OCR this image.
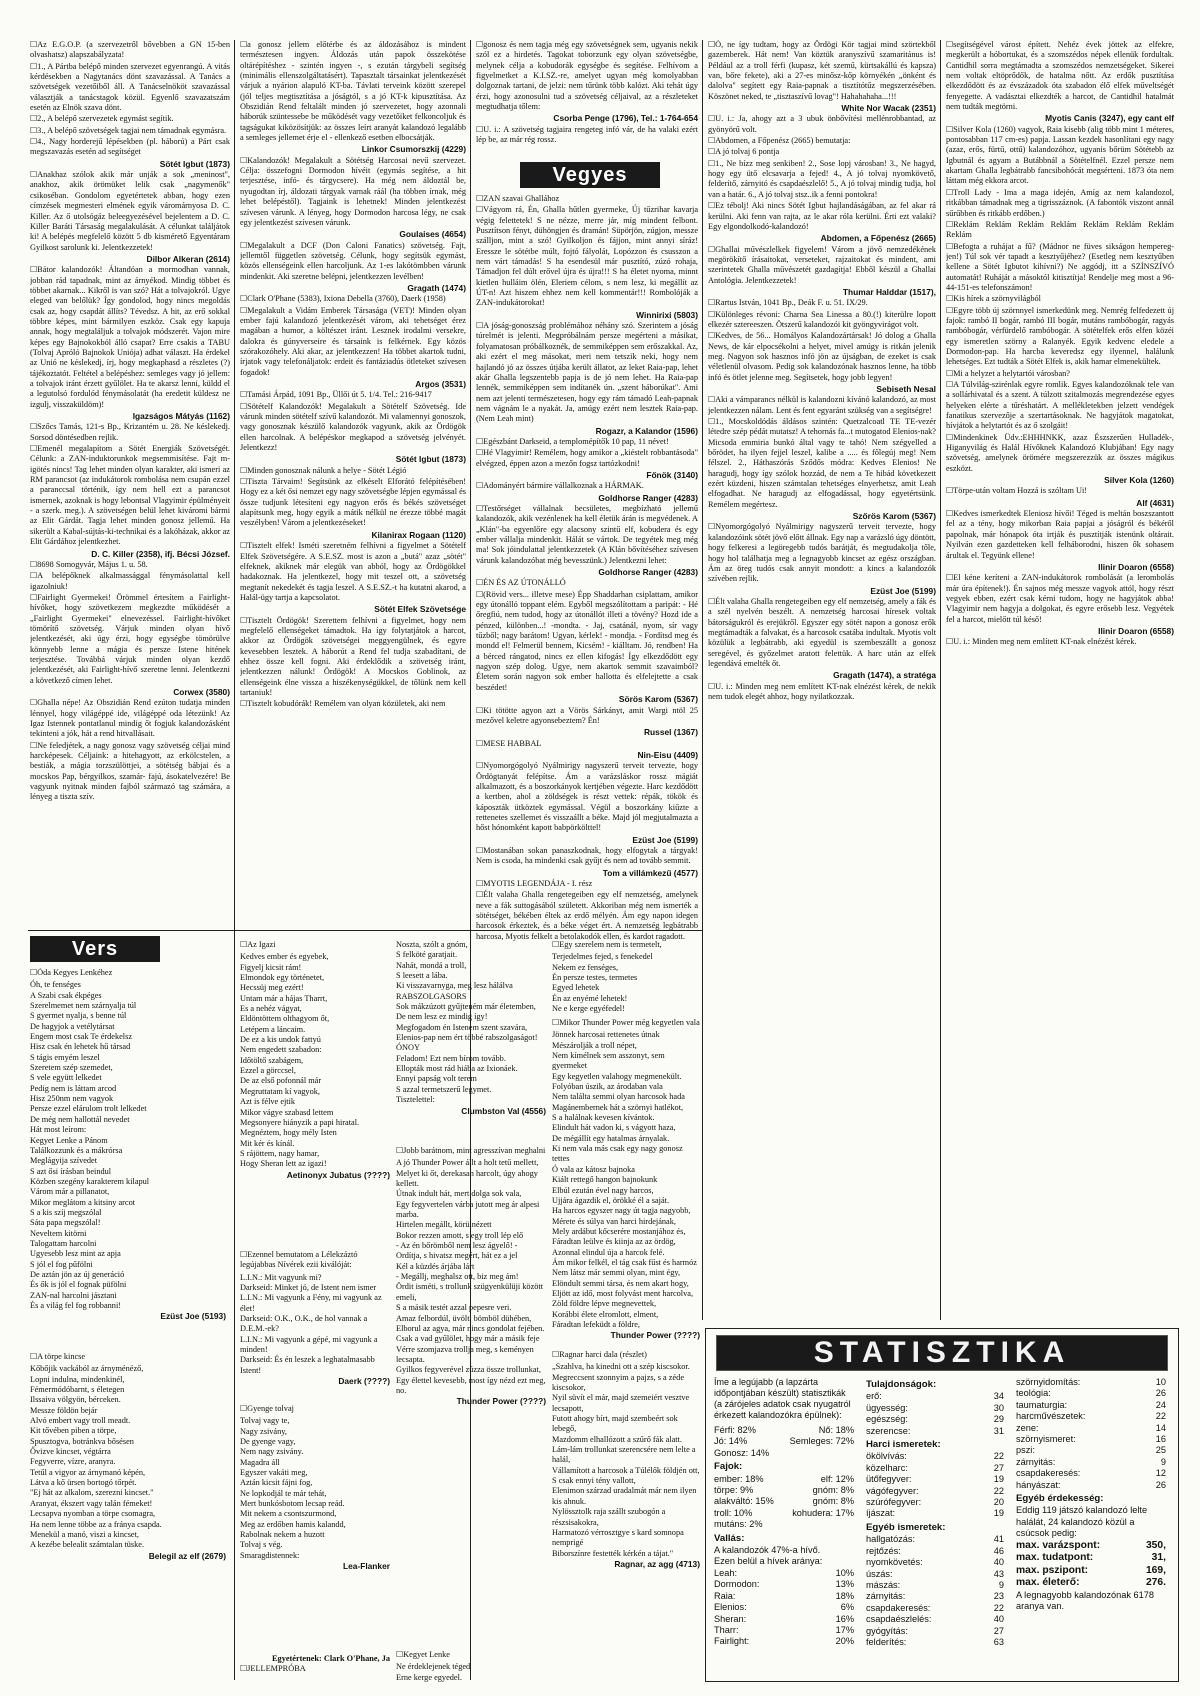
☐ Az E.G.O.P. (a szervezetről bővebben a GN 15-ben olvashatsz) alapszabályzata!

☐ 1., A Pártba belépő minden szervezet egyenrangú. A vitás kérdésekben a Nagytanács dönt szavazással. A Tanács a szövetségek vezetőiből áll. A Tanácselnököt szavazással választják a tanácstagok közül. Egyenlő szavazatszám esetén az Elnök szava dönt.

☐ 2., A belépő szervezetek egymást segítik.

☐ 3., A belépő szövetségek tagjai nem támadnak egymásra.

☐ 4., Nagy horderejű lépésekben (pl. háború) a Párt csak megszavazás esetén ad segítséget

Sötét Igbut (1873)

☐ Anakhaz szólok akik már unják a sok „meninost", anakhoz, akik örömüket lelik csak „nagymenők" csikoséban. Gondolom egyetértetek abban, hogy ezen címzések megmesteri elmének egyik váromárnyosa D. C. Killer. Az ő utolsógáz beleegyezésével bejelentem a D. C. Killer Baráti Társaság megalakulását. A célunkat találjátok ki! A belépés megfelelő között 5 db kismérető Egyentáram Gyilkost sarolunk ki. Jelentkezzetek!

Dilbor Alkeran (2614)

☐ Bátor kalandozók! Áltandóan a mormodhan vannak, jobban rád tapadnak, mint az árnyékod. Mindig többet és többet akarnak... Kikről is van szó? Hát a tolvajokról. Ugye eleged van belőlük? Így gondolod, hogy nincs megoldás csak az, hogy csapdát állíts? Tévedsz. A hit, az erő sokkal többre képes, mint bármilyen eszköz. Csak egy kapuja annak, hogy megtaláljuk a tolvajok módszerét. Vajon mire képes egy Bajnokokból álló csapat? Erre csakis a TABU (Tolvaj Apróló Bajnokok Uniója) adhat választ. Ha érdekel az Unió ne késlekedj, írj, hogy megkaphasd a részletes (?) tájékoztatót. Feltétel a belépéshez: semleges vagy jó jellem: a tolvajok iránt érzett gyűlölet. Ha te akarsz lenni, küldd el a legutolsó fordulód fénymásolatát (ha eredetit küldesz ne izgulj, visszaküldöm)!

Igazságos Mátyás (1162)

☐ Szőcs Tamás, 121-s Bp., Krizantém u. 28. Ne késlekedj. Sorsod döntésedben rejlik.

☐ Emenél megalapítom a Sötét Energiák Szövetségét. Célunk: a ZAN-induktorunkok megsemmisítése. Fajt m-igötés nincs! Tag lehet minden olyan karakter, aki ismeri az RM parancsot (az indukátorok rombolása nem csupán ezzel a paranccsal történik, így nem hell ezt a parancsot ismernek, azoknak is hogy lebontsal Vlagyimir épülményeit - a szerk. meg.). A szövetségen belül lehet kiváromi bármi az Elit Gárdát. Tagja lehet minden gonosz jellemű. Ha sikerült a Kabal-sújtás-ki-technikai és a lakóházak, akkor az Elit Gárdához jelentkezhet.

D. C. Killer (2358), ifj. Bécsi József.

☐ 8698 Somogyvár, Május 1. u. 58.

☐ A belépőknek alkalmassággal fénymásolattal kell igazolniuk!

☐ Fairlight Gyermekei! Örömmel értesítem a Fairlight-hívőket, hogy szövetkezem megkezdte működését a „Fairlight Gyermekei" elnevezéssel. Fairlight-hívőket tömörítő szövetség. Várjuk minden olyan hívő jelentkezését, aki úgy érzi, hogy egységbe tömörülve könnyebb lenne a mágia és persze Istene hitének terjesztése. Továbbá várjuk minden olyan kezdő jelentkezését, aki Fairlight-hívő szeretne lenni. Jelentkezni a következő címen lehet.

Corwex (3580)

☐ Ghalla népe! Az Obszidián Rend ezúton tudatja minden lénnyel, hogy világéppé ide, világéppé oda létezünk! Az Igaz Istennek pontatlanul mindig őt fogjuk kalandozásként tekinteni a jók, hát a rend hitvallásait.

☐ Ne feledjétek, a nagy gonosz vagy szövetség céljai mind harcképesek. Céljaink: a hitehagyott, az erkölcstelen, a bestiák, a mágia torzszülöttjei, a sötétség bábjai és a mocskos Pap, bérgyilkos, szamár- fajú, ásokatelvezére! Be vagyunk nyitnak minden fajból származó tag számára, a lényeg a tiszta szív.

☐ a gonosz jellem előtérbe és az áldozásához is mindent természtesen ingyen. Áldozás után papok összekötése oltárépítéshez - szintén ingyen -, s ezután tárgybeli segítség (minimális ellenszolgáltatásért). Tapasztalt társainkat jelentkezését várjuk a nyárion alapuló KT-ba. Távlati terveink között szerepel (jól teljes megtisztítása a jóságtól, s a jó KT-k kipusztítása. Az Obszidián Rend feltalált minden jó szervezetet, hogy azonnali háborúk szüntessebe be működését vagy vezetőiket felkoncoljuk és tagságukat kiközösítjük: az összes leírt aranyát kalandozó legalább a semleges jellemet érje el - ellenkező esetben elbocsátják.

Linkor Csumorszkij (4229)

☐ Kalandozók! Megalakult a Sötétség Harcosai nevű szervezet. Célja: összefogni Dormodon hívéit (egymás segítése, a hit terjesztése, infó- és tárgycsere). Ha még nem áldoztál be, nyugodtan írj, áldozati tárgyak varnak ráál (ha többen írnak, még lehet belépéstől). Tagjaink is lehetnek! Minden jelentkezést szívesen várunk. A lényeg, hogy Dormodon harcosa légy, ne csak egy jelentkezést szívesen várunk.

Goulaises (4654)

☐ Megalakult a DCF (Don Caloni Fanatics) szövetség. Fajt, jellemtől független szövetség. Célunk, hogy segítsük egymást, közös ellenségeink ellen harcoljunk. Az 1-es lakótömbben várunk mindenkit. Aki szeretne belépni, jelentkezzen levélben!

Gragath (1474)

☐ Clark O'Phane (5383), Ixiona Debella (3760), Daerk (1958)

☐ Megalakult a Vidám Emberek Társasága (VET)! Minden olyan ember fajú kalandozó jelentkezését várom, aki tehetséget érez magában a humor, a költészet iránt. Lesznek irodalmi versekre, dalokra és gúnyverseire és társaink is felkérnek. Egy közös szórakozóhely. Aki akar, az jelentkezzen! Ha többet akartok tudni, írjatok vagy telefonáljatok: erdeit és fantáziadús ötleteket szívesen fogadok!

Argos (3531)

☐ Tamási Árpád, 1091 Bp., Üllői út 5. 1/4. Tel.: 216-9417

☐ Sötételf Kalandozók! Megalakult a Sötételf Szövetség. Ide várunk minden sötételf szívű kalandozót. Mi valamennyi gonoszok, vagy gonosznak készülő kalandozók vagyunk, akik az Ördögök ellen harcolnak. A belépéskor megkapod a szövetség jelvényét. Jelentkezz!

Sötét Igbut (1873)

☐ Minden gonosznak nálunk a helye - Sötét Légió

☐ Tiszta Tárvaim! Segítsünk az elkéselt Elforátó felépítésében! Hogy ez a két ősi nemzet egy nagy szövetségbe lépjen egymással és össze tudjunk létesíteni egy nagyon erős és békés szövetséget alapítsunk meg, hogy egyik a mátik nélkül ne érezze többé magát veszélyben! Várom a jelentkezéseket!

Kilanirax Rogaan (1120)

☐ Tisztelt elfek! Isméti szeretném felhívni a figyelmet a Sötételf Elfek Szövetségére. A S.E.SZ. most is azon a „butá" azaz „sötét" elfeknek, akiknek már elegük van abból, hogy az Ördögökkel hadakoznak. Ha jelentkezel, hogy mit teszel ott, a szövetség megtanít nekedekét és tagja leszel. A S.E.SZ.-t ha kutatni akarod, a Halál-ügy tartja a kapcsolatot.

Sötét Elfek Szövetsége

☐ Tisztelt Ördögök! Szerettem felhívni a figyelmet, hogy nem megfelelő ellenségeket támadtok. Ha így folytatjátok a harcot, akkor az Ördögök szövetségei meggyengülnek, és egyre kevesebben lesztek. A háborút a Rend fel tudja szabadítani, de ehhez össze kell fogni. Aki érdeklődik a szövetség iránt, jelentkezzen nálunk! Ördögök! A Mocskos Goblinok, az ellenségeink élne vissza a hiszékenységükkel, de tőlünk nem kell tartaniuk!

☐ Tisztelt kobudórák! Remélem van olyan közületek, aki nem

☐ gonosz és nem tagja még egy szövetségnek sem, ugyanis nekik szól ez a hirdetés. Tagokat toborzunk egy olyan szövetségbe, melynek célja a kobudorák egységbe és segítése. Felhívom a figyelmetket a K.I.SZ.-re, amelyet ugyan még komolyabban dolgoznak tartani, de jelzi: nem tűrünk több kalózt. Aki tehát úgy érzi, hogy azonosulni tud a szövetség céljaival, az a részleteket megtudhatja tőlem:

Csorba Penge (1796), Tel.: 1-764-654

☐ U. i.: A szövetség tagjaira rengeteg infó vár, de ha valaki ezért lép be, az már rég rossz.

Vegyes

☐ ZAN szavai Ghallához

☐ Vágyom rá, Én, Ghalla hűtlen gyermeke, Új tűzrihar kavarja végig felettetek! S ne nézze, merre jár, míg mindent felbont. Pusztítson fényt, dühöngjen és dramán! Süpörjön, zúgjon, messze szálljon, mint a szó! Gyilkoljon és fájjon, mint annyi síráz! Eressze le sötétbe múlt, fojtó fályolát, Lopózzon és csusszon a nem várt támadás! S ha esendesül már pusztító, zúzó rohaja, Támadjon fel dúlt erővel újra és újra!!! S ha életet nyoma, minnt kietlen hulláim ölén, Eleriem célom, s nem lesz, ki megállít az ÚT-n! Azt hiszem ehhez nem kell kommentár!!! Rombolóják a ZAN-indukátorokat!

Winnirixi (5803)

☐ A jóság-gonoszság problémához néhány szó. Szerintem a jóság túrelmét is jelenti. Megpróbálnám persze megérteni a másikat, folyamatosan próbálkoznék, de semmiképpen sem erőszakkal. Az, aki ezért el meg másokat, meri nem tetszik neki, hogy nem hajlandó jó az összes útjába került állatot, az leket Raia-pap, lehet akár Ghalla legszentebb papja is de jó nem lehet. Ha Raia-pap lennék, semmiképpen sem indítanék ún. „szent háborúkat". Ami nem azt jelenti természetesen, hogy egy rám támadó Leah-papnak nem vágnám le a nyakát. Ja, amúgy ezért nem lesztek Raia-pap. (Nem Leah mint)

Rogazr, a Kalandor (1596)

☐ Egészbánt Darkseid, a templomépítők 10 pap, 11 névet!

☐ Hé Vlagyimir! Remélem, hogy amikor a „kiéstelt robbantásoda" elvégzed, éppen azon a mezőn fogsz tartózkodni!

Főnök (3140)

☐ Adományért bármire vállalkoznak a HÁRMAK.

Goldhorse Ranger (4283)

☐ Testőrséget vállalnak becsületes, megbízható jellemű kalandozók, akik vezénlenek ha kell életük árán is megvédenek. A „Klán"-ba egyenlőre egy alacsony szintű elf, kobudera és egy ember vállalja mindenkit. Hálát se vártok. De tegyétek meg még ma! Sok jóindulattal jelentkezzetek (A Klán bővítéséhez szívesen várunk kalandozóbat még bevesszünk.) Jelentkezni lehet:

Goldhorse Ranger (4283)

☐ ÉN ÉS AZ ÚTONÁLLÓ

☐ (Rövid vers... illetve mese) Épp Shaddarhan csiplattam, amikor egy útonálló toppant elém. Egyből megszólítottam a paripát: - Hé őregfiú, nem tudod, hogy az útonállót illeti a tövény? Hozd ide a pénzed, különben...! -mondta. - Jaj, csatánál, nyom, sír vagy tűzből; nagy barátom! Ugyan, kérlek! - mondja. - Fordítsd meg és mondd el! Felmerül bennem, Kicsém! - kiálltam. Jó, rendben! Ha a bérced rángatod, nincs ez ellen kifogás! Így elkezdődött egy nagyon szép dolog. Ugye, nem akartok semmit szavaimból? Életem során nagyon sok ember hallotta és elfelejtette a csak beszédet!

Sörös Karom (5367)

☐ Ki tötötte agyon azt a Vörös Sárkányt, amit Wargi ntöl 25 mezővel keletre agyonsebeztem? Én!

Russel (1367)

☐ MESE HABBAL

Nin-Eisu (4409)

☐ Nyomorgógolyó Nyálmirigy nagyszerű terveit tervezte, hogy Ördögtanyát felépítse. Ám a varázsláskor rossz mágiát alkalmazott, és a boszorkányok kertjében végezte. Harc kezdődött a kertben, ahol a zöldségek is részt vettek: répák, tökök és káposzták ütköztek egymással. Végül a boszorkány kiűzte a rettenetes szellemet és visszaállt a béke. Majd jól megjutalmazta a hőst hónomként kapott babpörkölttel!

Ezüst Joe (5199)

☐ Mostanában sokan panaszkodnak, hogy elfogytak a tárgyak! Nem is csoda, ha mindenki csak gyűjt és nem ad tovább semmit.

Tom a villámkezű (4577)

☐ MYOTIS LEGENDÁJA - I. rész

☐ Élt valaha Ghalla rengetegeiben egy elf nemzetség, amelynek neve a fák suttogásából született. Akkoriban még nem ismerték a sötétséget, békében éltek az erdő mélyén. Ám egy napon idegen harcosok érkeztek, és a béke véget ért. A nemzetség legbátrabb harcosa, Myotis felkelt a betolakodók ellen, és kardot ragadott.

☐ Ó, ne így tudtam, hogy az Ördögi Kör tagjai mind szörtekből gazemberek. Hát nem! Van köztük aranyszívű szamaritánus is! Például az a troll férfi (kupasz, két szemű, kürtsakállú és kapsza) van, bőre fekete), aki a 27-es minősz-kőp környékén „önként és dalolva" segített egy Raia-papnak a tisztítótűz megszerzésében. Köszönet neked, te „tisztaszívű lovag"! Hahahahaha...!!!

White Nor Wacak (2351)

☐ U. i.: Ja, ahogy azt a 3 ubuk önbővítési mellénrobbantad, az gyönyörű volt.

☐ Abdomen, a Főpenész (2665) bemutatja:

☐ A jó tolvaj 6 pontja

☐ 1., Ne bízz meg senkiben! 2., Sose lopj városban! 3., Ne hagyd, hogy egy ütő elcsavarja a fejed! 4., A jó tolvaj nyomkövető, felderítő, zárnyitó és csapdaészlelő! 5., A jó tolvaj mindig tudja, hol van a határ. 6., A jó tolvaj stsz..ik a fenni pontokra!

☐ Ez tébolj! Aki nincs Sötét Igbut hajlandáságában, az fel akar rá kerülni. Aki fenn van rajta, az le akar róla kerülni. Érti ezt valaki? Egy elgondolkodó-kalandozó!

Abdomen, a Főpenész (2665)

☐ Ghallai művészlelkek figyelem! Várom a jövő nemzedékének megörökítő írásaitokat, verseteket, rajzaitokat és mindent, ami szerintetek Ghalla művészetét gazdagítja! Ebből készül a Ghallai Antológia. Jelentkezzetek!

Thumar Halddar (1517),

☐ Rartus István, 1041 Bp., Deák F. u. 51. IX/29.

☐ Különleges révoni: Charna Sea Linessa a 80.(!) kiterülre lopott elkezér sztereeszen. Ötszerű kalandozói kit gyöngyvirágot volt.

☐ Kedves, de 56... Homályos Kalandozártársak! Jó dolog a Ghalla News, de kár elpocsékolni a helyet, mivel amúgy is ritkán jelenik meg. Nagyon sok hasznos infó jön az újságban, de ezeket is csak véletlenül olvasom. Pedig sok kalandozónak hasznos lenne, ha több infó és ötlet jelenne meg. Segítsetek, hogy jobb legyen!

Sebiseth Nesal

☐ Aki a vámparancs nélkül is kalandozni kívánó kalandozó, az most jelentkezzen nálam. Lent és fent egyaránt szükség van a segítségre!

☐ 1., Mocskoldódás áldásos szintén: Quetzalcoatl TE TE-vezér létedre szép pédát mutatsz! A tehornás fa...t mutogatod Elenios-nak? Micsoda emmiria bunkó által vagy te tahó! Nem szégyelled a bőrödet, ha ilyen fejjel leszel, kalibe a ..... és főlegúj meg! Nem félszel. 2., Háthaszórás Sződős módra: Kedves Elenios! Ne haragudj, hogy így szólok hozzád, de nem a Te hibád következett ezért küzdeni, hiszen számtalan tehetséges elnyerhetsz, amit Leah elfogadhat. Ne haragudj az elfogadással, hogy egyetértsünk. Remélem megértesz.

Szőrös Karom (5367)

☐ Nyomorgógolyó Nyálmirigy nagyszerű terveit tervezte, hogy kalandozóink sötét jövő előtt állnak. Egy nap a varázsló úgy döntött, hogy felkeresi a legöregebb tudós barátját, és megtudakolja tőle, hogy hol találhatja meg a legnagyobb kincset az egész országban. Ám az öreg tudós csak annyit mondott: a kincs a kalandozók szívében rejlik.

Ezüst Joe (5199)

☐ Élt valaha Ghalla rengetegeiben egy elf nemzetség, amely a fák és a szél nyelvén beszélt. A nemzetség harcosai híresek voltak bátorságukról és erejükről. Egyszer egy sötét napon a gonosz erők megtámadták a falvakat, és a harcosok csatába indultak. Myotis volt közülük a legbátrabb, aki egyedül is szembeszállt a gonosz seregével, és győzelmet aratott felettük. A harc után az elfek legendává emelték őt.

Gragath (1474), a stratéga

☐ U. i.: Minden meg nem említett KT-nak elnézést kérek, de nekik nem tudok elegét ahhoz, hogy nyilatkozzak.

☐ segítségével várost épített. Nehéz évek jöttek az elfekre, megkerült a hóbortukat, és a szomszédos népek ellenük fordultak. Cantidhil sorra megtámadta a szomszédos nemzetségeket. Sikerei nem voltak eltöprődők, de hatalma nőtt. Az erdők pusztítása elkezdődött és az évszázadok óta szabadon élő elfek műveltségét fenyegette. A vadásztai elkezdték a harcot, de Cantidhil hatalmát nem tudták megtörni.

Myotis Canis (3247), egy cant elf

☐ Silver Kola (1260) vagyok, Raia kisebb (alig több mint 1 méteres, pontosabban 117 cm-es) papja. Lassan kezdek hasonlítani egy nagy (azaz, erős, fürtű, ottű) kalandozóhoz, ugyanis bőrüm Sötétebb az Igbutnál és agyam a Butábbnál a Sötételfnél. Ezzel persze nem akartam Ghalla legbátrabb fancsibohócát megsérteni. 1873 óta nem láttam még ekkora arcot.

☐ Troll Lady - Ima a maga idején, Amíg az nem kalandozol, ritkábban támadnak meg a tigrisszáznok. (A fabontók viszont annál sűrűbben és ritkább erdőben.)

☐ Reklám Reklám Reklám Reklám Reklám Reklám Reklám Reklám

☐ Befogta a ruhájat a fű? (Mádnor ne füves sikságon hempereg- jen!) Túl sok vér tapadt a kesztyűjéhez? (Esetleg nem kesztyűben kellene a Sötét Igbutot kihívni?) Ne aggódj, itt a SZÍNSZÍVÓ automatát! Ruháját a másoktól kitisztítja! Rendelje meg most a 96-44-151-es telefonszámon!

☐ Kis hírek a szörnyvilágból

☐ Egyre több új szörnnyel ismerkedünk meg. Nemrég felfedezett új fajok: rambó II bogár, rambó III bogár, mutáns rambóbogár, ragyás rambóbogár, vérfürdelő rambóbogár. A sötételfek erős elfen közéi egy ismeretlen szörny a Ralanyék. Egyik kedvenc eledele a Dormodon-pap. Ha harcba keveredsz egy ilyennel, halálunk lehetséges. Ezt tudták a Sötét Elfek is, akik hamar elmenekültek.

☐ Mi a helyzet a helytartói városban?

☐ A Túlvilág-szirénlak egyre romlik. Egyes kalandozóknak tele van a sollárhivatal és a szent. A túlzott szitalmozás megrendezése egyes helyeken elérte a tűréshatárt. A mellékletekben jelzett vendégek fanatikus szervezője a szertartásoknak. Ne hagyjátok magatokat, hívjátok a helytartót és az ő szolgáit!

☐ Mindenkinek Üdv.:EHHHNKK, azaz Észszerűen Hulladék-, Higanyvilág és Halál Hívőknek Kalandozó Klubjában! Egy nagy szövetség, amelynek örömére megszerezzük az összes mágikus eszközt.

Silver Kola (1260)

☐ Törpe-után voltam Hozzá is szóltam Ui!

Alf (4631)

☐ Kedves ismerkedtek Eleniosz hívői! Téged is meltán boszszantott fel az a tény, hogy mikorban Raia papjai a jóságról és békéről papolnak, már hónapok óta irtják és pusztítják istenünk oltárait. Nyilván ezen gazdetteken kell felháborodni, hiszen ők sohasem árultak el. Tegyünk ellene!

Ilinir Doaron (6558)

☐ El kéne keríteni a ZAN-indukátorok rombolását (a lerombolás már úra építenek!). Én sajnos még messze vagyok attól, hogy részt vegyek ebben, ezért csak kérni tudom, hogy ne hagyjátok abba! Vlagyimir nem hagyja a dolgokat, és egyre erősebb lesz. Vegyétek fel a harcot, mielőtt túl késő!

Ilinir Doaron (6558)

☐ U. i.: Minden meg nem említett KT-nak elnézést kérek.

Vers

☐ Óda Kegyes Lenkéhez

Óh, te fenséges

A Szabi csak ékpéges

Szerelmemet nem szárnyalja túl

S gyermet nyalja, s benne túl

De hagyjok a vetélytársat

Engem most csak Te érdekelsz

Hisz csak én lehetek hű társad

S tágis emyém leszel

Szeretem szép szemedet,

S vele együtt lelkedet

Pedig nem is láttam arcod

Hisz 250nm nem vagyok

Persze ezzel elárulom trolt lelkedet

De még nem hallottál nevedet

Hát most leírom:

Kegyet Lenke a Pánom

Találkozzunk és a mákrórsa

Meglágyija szívedet

S azt ősi írásban beindul

Közben szegény karakterem kilapul

Várom már a pillanatot,

Mikor meglátom a kitsiny arcot

S a kis szíj megszólal

Sáta papa megszólal!

Neveltem kitörni

Talogattam harcolni

Ugyesebb lesz mint az apja

S jól el fog pűfölni

De aztán jön az új generáció

És ők is jól el fognak püfölni

ZAN-nal harcolni jásztani

És a világ fel fog robbanni!

Ezüst Joe (5193)

☐ A törpe kincse

Kőbőjik vackából az árnyménéző,

Lopni indulna, mindenkinél,

Fémermódóbarnt, s életegen

Ilssaiva völgyön, bérceken.

Messze földön bejár

Alvó embert vagy troll meadt.

Kit tővében piben a törpe,

Spusztogva, botránkva bősésen

Ővizve kincset, végtárra

Fegyverre, vízre, aranyra.

Tetűl a vigyor az árnymanó képén,

Látva a kő ürsen bortogó tőrpét.

"Ej hát az alkalom, szerezni kincset."

Aranyat, ékszert vagy talán fémeket!

Lecsapva nyomban a törpe csomagra,

Ha nem lenne többe az a fránya csapda.

Menekül a manó, viszi a kincset,

A kezébe belealit számtalan tüske.

Belegil az elf (2679)

☐ Az Igazi

Kedves ember és egyebek,

Figyelj kicsit rám!

Elmondok egy történetet,

Hecssüj meg ezért!

Untam már a hájas Tharrt,

Es a nehéz vágyat,

Eldöntöttem olthagyom őt,

Letépem a láncaim.

De ez a kis undok fattyú

Nem engedett szabadon:

Időtöltő szabágem,

Ezzel a görccsel,

De az első pofonnál már

Megruttatam kí vagyok,

Azt is félve ejtik

Mikor vágye szabasd lettem

Megsonyere hiányzik a papi hiratal.

Megnéztem, hogy mély Isten

Mit kér és kínál.

S rájöttem, nagy hamar,

Hogy Sheran lett az igazi!

Aetinonyx Jubatus (????)

☐ Ezennel bemutatom a Lélekzáztó legújabbas Nívérek ezii kiválóját:

L.I.N.: Mit vagyunk mi?

Darkseid: Minket jó, de Istent nem ismer

L.I.N.: Mi vagyunk a Fény, mi vagyunk az élet!

Darkseid: O.K., O.K., de hol vannak a D.E.M.-ek?

L.I.N.: Mi vagyunk a gépé, mi vagyunk a minden!

Darkseid: És én leszek a leghatalmasabb Istent!

Daerk (????)

☐ Gyenge tolvaj

Tolvaj vagy te,

Nagy zsivány,

De gyenge vagy,

Nem nagy zsivány.

Magadra áll

Egyszer vakáti meg,

Aztán kicsit fájni fog,

Ne lopkodjál te már tehát,

Mert bunkósbotom lecsap reád.

Mit nekem a csontszurmond,

Meg az erdőben hamis kalandd,

Rabolnak nekem a huzott

Tolvaj s vég.

Smaragdistennek:

Lea-Flanker

Egyetértenek: Clark O'Phane, Ja

☐ JELLEMPRÓBA

Noszta, szólt a gnóm,

S felköté garatjait.

Nahát, mondá a troll,

S leesett a lába.

Ki visszavarnyga, meg lesz hálálva

RABSZOLGASORS

Sok mákzúzott gyűjteném már életemben,

De nem lesz ez mindig így!

Megfogadom én Istenem szent szavára,

Elenios-pap nem ért többé rabszolgaságot!

ÓNOY

Feladom! Ezt nem bírom tovább.

Ellopták most rád hiába az Ixionáek.

Ennyi papság volt terem

S azzal termetszerű legymet.

Tisztelettel:

Clumbston Val (4556)

☐ Jobb barátnom, mint agresszívan meghalni

A jó Thunder Power állt a holt tetű mellett,

Melyet ki őt, derekasan harcolt, úgy ahogy kellett.

Útnak indult hát, mert dolga sok vala,

Egy fegyvertelen várba jutott meg ár alpesi marba.

Hirtelen megállt, körülnézett

Bokor rezzen amott, s egy troll lép elő

- Az én bőrömből nem lesz ágyelő! -

Ordítja, s hivatsz megért, hát ez a jel

Kél a küzdés árjába lárt

- Megállj, meghalsz ott, biz meg ám!

Ördit isméti, s trollunk szügyenkülüji között emeli,

S a másik testét azzal pepesre veri.

Amaz felbordúl, üvölt, bömböl dühében,

Elborul az agya, már nincs gondolat fejében.

Csak a vad gyűlölet, hogy már a másik feje

Vérre szomjazva trollja meg, s keményen lecsapta.

Gyilkos fegyverével zúzza össze trollunkat,

Egy élettel kevesebb, most így nézd ezt meg, no.

Thunder Power (????)

☐ Egy szerelem nem is termetelt,

Terjedelmes fejed, s fenekedel

Nekem ez fenséges,

Én persze testes, termetes

Egyed lehetek

Én az enyémé lehetek!

Ne e kerge egyéfedel!

☐ Mikor Thunder Power még kegyetlen vala

Jönnek harcosai rettenetes útnak

Mészárolják a troll népet,

Nem kímélnek sem asszonyt, sem gyermeket

Egy kegyetlen valahogy megmenekült.

Folyóban úszik, az árodaban vala

Nem találta semmi olyan harcosok hada

Magánembernek hát a szörnyi hatlékot,

S a halálnak kevesen kívántok.

Elindult hát vadon ki, s vágyott haza,

De mégállít egy hatalmas árnyalak.

Ki nem vala más csak egy nagy gonosz tettes

Ó vala az kátosz bajnoka

Kiált rettegő hangon bajnokunk

Elbúl ezután ével nagy harcos,

Ujjára ágazdik el, örökké él a saját.

Ha harcos egyszer nagy út tagja nagyobb,

Mérete és súlya van harci hirdejának,

Mely ardábut kőcserére mostanjához és,

Fáradtan leülve és kiinja az az ördög,

Azonnal elindul úja a harcok felé.

Ám mikor felkél, el tág csak fűst és harmóz

Nem látsz már semmi olyan, mint égy,

Elöndult semmi társa, és nem akart hogy,

Eljött az idő, most folyvást ment harcolva,

Zöld földre lépve megnevettek,

Korábbi élete elromlott, elment,

Fáradtan lefeküdt a földre,

Thunder Power (????)

☐ Ragnar harci dala (részlet)

„Szahlva, ha kinedni ott a szép kiscsokor.

Megreccsent szonnyim a pajzs, s a zéde kiscsokor,

Nyil süvít el már, majd szemeiért vesztve lecsapott,

Futott ahogy bírt, majd szembeért sok lebegő,

Mazdomm elhallózott a szűrő fák alatt.

Lám-lám trollunkat szerencsére nem lelte a halál,

Vállamított a harcosok a Túlélők földjén ott,

S csak ennyi tény vallott,

Elenimon szárzad uradalmát már nem ilyen kis ahnuk.

Nylössztolk raja szállt szubogón a részsisakokra,

Harmatozó vérrosztgye s kard somnopa nemprigé

Biborszínre festették kérkén a tájat."

Ragnar, az agg (4713)

☐ Kegyet Lenke

Ne érdeklejenek téged

Erne kerge egyedel.

STATISZTIKA

Íme a legújabb (a lapzárta időpontjában készült) statisztikák (a zárójeles adatok csak nyugatról érkezett kalandozókra épülnek):

Férfi: 82%	Nő: 18%
Jó: 14%	Semleges: 72%
Gonosz: 14%
Fajok:
ember: 18%	elf: 12%
törpe: 9%	gnóm: 8%
alakváltó: 15%	gnóm: 8%
troll: 10%	kohudera: 17%
mutáns: 2%
Vallás:
A kalandozók 47%-a hívő.
Ezen belül a hívek aránya:
Leah:	10%
Dormodon:	13%
Raia:	18%
Elenios:	6%
Sheran:	16%
Tharr:	17%
Fairlight:	20%
Tulajdonságok:
erő:	34
ügyesség:	30
egészség:	29
szerencse:	31
Harci ismeretek:
ökölvívás:	22
közelharc:	27
ütőfegyver:	19
vágófegyver:	22
szúrófegyver:	20
íjászat:	19
Egyéb ismeretek:
hallgatózás:	41
rejtőzés:	46
nyomkövetés:	40
úszás:	43
mászás:	9
zárnyitás:	23
csapdakeresés:	22
csapdaészlelés:	40
gyógyítás:	27
felderítés:	63
szörnyidomítás:	10
teológia:	26
taumaturgia:	24
harcművészetek:	22
zene:	14
szörnyismeret:	16
pszi:	25
zárnyitás:	9
csapdakeresés:	12
hányászat:	26
Egyéb érdekesség:
Eddig 119 játszó kalandozó lelte halálát, 24 kalandozó közül a csúcsok pedig:
max. varázspont:	350,
max. tudatpont:	31,
max. pszipont:	169,
max. életerő:	276.
A legnagyobb kalandozónak 6178 aranya van.
